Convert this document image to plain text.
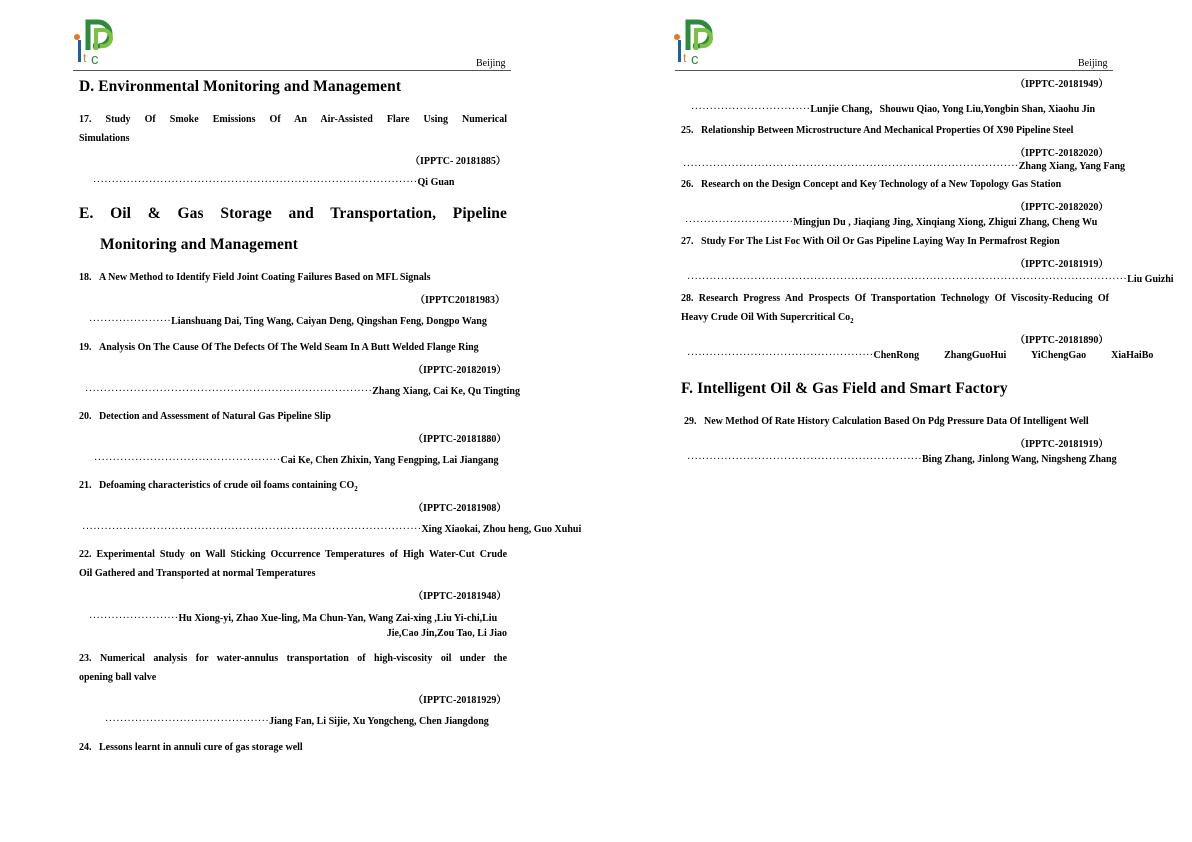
t c	Beijing
D. Environmental Monitoring and Management
17. Study Of Smoke Emissions Of An Air-Assisted Flare Using Numerical
Simulations
（IPPTC- 20181885）
·······················································································Qi Guan
E. Oil & Gas Storage and Transportation, Pipeline
Monitoring and Management
18. A New Method to Identify Field Joint Coating Failures Based on MFL Signals
（IPPTC20181983）
······················Lianshuang Dai, Ting Wang, Caiyan Deng, Qingshan Feng, Dongpo Wang
19. Analysis On The Cause Of The Defects Of The Weld Seam In A Butt Welded Flange Ring
（IPPTC-20182019）
·············································································Zhang Xiang, Cai Ke, Qu Tingting
20. Detection and Assessment of Natural Gas Pipeline Slip
（IPPTC-20181880）
··················································Cai Ke, Chen Zhixin, Yang Fengping, Lai Jiangang
21. Defoaming characteristics of crude oil foams containing $CO_2$
（IPPTC-20181908）
···························································································Xing Xiaokai, Zhou heng, Guo Xuhui
22. Experimental Study on Wall Sticking Occurrence Temperatures of High Water-Cut Crude
Oil Gathered and Transported at normal Temperatures
（IPPTC-20181948）
························Hu Xiong-yi, Zhao Xue-ling, Ma Chun-Yan, Wang Zai-xing ,Liu Yi-chi,Liu
Jie,Cao Jin,Zou Tao, Li Jiao
23. Numerical analysis for water-annulus transportation of high-viscosity oil under the
opening ball valve
（IPPTC-20181929）
············································Jiang Fan, Li Sijie, Xu Yongcheng, Chen Jiangdong
24. Lessons learnt in annuli cure of gas storage well
t c	Beijing
（IPPTC-20181949）
································Lunjie Chang，Shouwu Qiao, Yong Liu,Yongbin Shan, Xiaohu Jin
25. Relationship Between Microstructure And Mechanical Properties Of X90 Pipeline Steel
（IPPTC-20182020）
··························································································Zhang Xiang, Yang Fang
26. Research on the Design Concept and Key Technology of a New Topology Gas Station
（IPPTC-20182020）
·····························Mingjun Du , Jiaqiang Jing, Xinqiang Xiong, Zhigui Zhang, Cheng Wu
27. Study For The List Foc With Oil Or Gas Pipeline Laying Way In Permafrost Region
（IPPTC-20181919）
······················································································································Liu Guizhi
28. Research Progress And Prospects Of Transportation Technology Of Viscosity-Reducing Of
Heavy Crude Oil With Supercritical $Co_2$
（IPPTC-20181890）
··················································ChenRong  ZhangGuoHui  YiChengGao  XiaHaiBo
F. Intelligent Oil & Gas Field and Smart Factory
29. New Method Of Rate History Calculation Based On Pdg Pressure Data Of Intelligent Well
（IPPTC-20181919）
·······························································Bing Zhang, Jinlong Wang, Ningsheng Zhang
